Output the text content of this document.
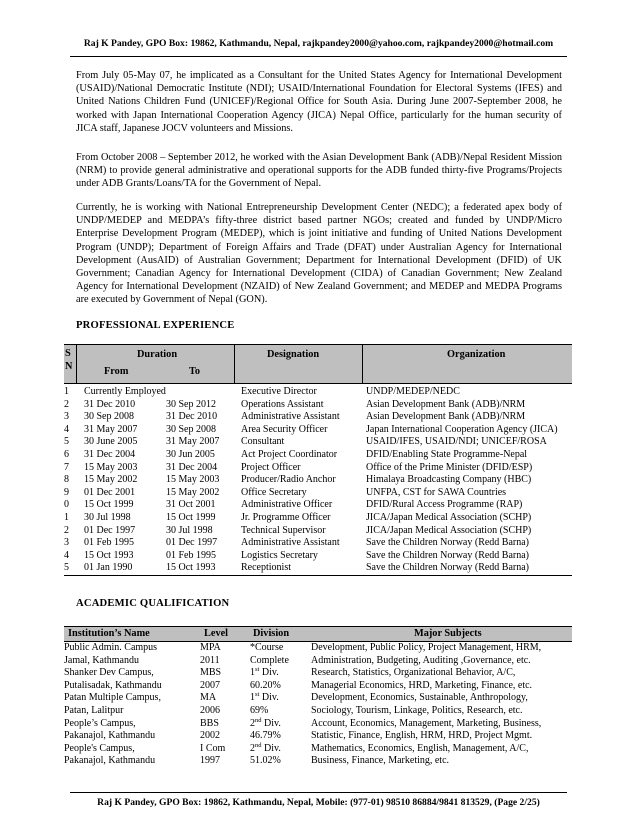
Raj K Pandey, GPO Box: 19862, Kathmandu, Nepal, rajkpandey2000@yahoo.com, rajkpandey2000@hotmail.com

From July 05-May 07, he implicated as a Consultant for the United States Agency for International Development (USAID)/National Democratic Institute (NDI); USAID/International Foundation for Electoral Systems (IFES) and United Nations Children Fund (UNICEF)/Regional Office for South Asia. During June 2007-September 2008, he worked with Japan International Cooperation Agency (JICA) Nepal Office, particularly for the human security of JICA staff, Japanese JOCV volunteers and Missions.

From October 2008 – September 2012, he worked with the Asian Development Bank (ADB)/Nepal Resident Mission (NRM) to provide general administrative and operational supports for the ADB funded thirty-five Programs/Projects under ADB Grants/Loans/TA for the Government of Nepal.

Currently, he is working with National Entrepreneurship Development Center (NEDC); a federated apex body of UNDP/MEDEP and MEDPA’s fifty-three district based partner NGOs; created and funded by UNDP/Micro Enterprise Development Program (MEDEP), which is joint initiative and funding of United Nations Development Program (UNDP); Department of Foreign Affairs and Trade (DFAT) under Australian Agency for International Development (AusAID) of Australian Government; Department for International Development (DFID) of UK Government; Canadian Agency for International Development (CIDA) of Canadian Government; New Zealand Agency for International Development (NZAID) of New Zealand Government; and MEDEP and MEDPA Programs are executed by Government of Nepal (GON).

PROFESSIONAL EXPERIENCE
S N
Duration
From	To
Designation	Organization
1 Currently Employed	Executive Director	UNDP/MEDEP/NEDC
2 31 Dec 2010	30 Sep 2012	Operations Assistant	Asian Development Bank (ADB)/NRM
3 30 Sep 2008	31 Dec 2010 Administrative Assistant	Asian Development Bank (ADB)/NRM
4 31 May 2007	30 Sep 2008	Area Security Officer	Japan International Cooperation Agency (JICA)
5 30 June 2005	31 May 2007 Consultant	USAID/IFES, USAID/NDI; UNICEF/ROSA
6 31 Dec 2004	30 Jun 2005	Act Project Coordinator	DFID/Enabling State Programme-Nepal
7 15 May 2003	31 Dec 2004 Project Officer	Office of the Prime Minister (DFID/ESP)
8 15 May 2002	15 May 2003 Producer/Radio Anchor	Himalaya Broadcasting Company (HBC)
9 01 Dec 2001	15 May 2002 Office Secretary	UNFPA, CST for SAWA Countries
0 15 Oct 1999	31 Oct 2001	Administrative Officer	DFID/Rural Access Programme (RAP)
1 30 Jul 1998	15 Oct 1999	Jr. Programme Officer	JICA/Japan Medical Association (SCHP)
2 01 Dec 1997	30 Jul 1998	Technical Supervisor	JICA/Japan Medical Association (SCHP)
3 01 Feb 1995	01 Dec 1997 Administrative Assistant	Save the Children Norway (Redd Barna)
4 15 Oct 1993	01 Feb 1995	Logistics Secretary	Save the Children Norway (Redd Barna)
5 01 Jan 1990	15 Oct 1993	Receptionist	Save the Children Norway (Redd Barna)
ACADEMIC QUALIFICATION
Institution’s Name	Level Division	Major Subjects
Public Admin. Campus	MPA	*Course	Development, Public Policy, Project Management, HRM,
Jamal, Kathmandu	2011	Complete Administration, Budgeting, Auditing ,Governance, etc.
Shanker Dev Campus,	MBS	1st Div.	Research, Statistics, Organizational Behavior, A/C,
Putalisadak, Kathmandu	2007	60.20%	Managerial Economics, HRD, Marketing, Finance, etc.
Patan Multiple Campus,	MA	1st Div.	Development, Economics, Sustainable, Anthropology,
Patan, Lalitpur	2006	69%	Sociology, Tourism, Linkage, Politics, Research, etc.
People’s Campus,	BBS	2nd Div.	Account, Economics, Management, Marketing, Business,
Pakanajol, Kathmandu	2002	46.79%	Statistic, Finance, English, HRM, HRD, Project Mgmt.
People's Campus,	I Com 2nd Div.	Mathematics, Economics, English, Management, A/C,
Pakanajol, Kathmandu	1997	51.02%	Business, Finance, Marketing, etc.
Raj K Pandey, GPO Box: 19862, Kathmandu, Nepal, Mobile: (977-01) 98510 86884/9841 813529, (Page 2/25)
